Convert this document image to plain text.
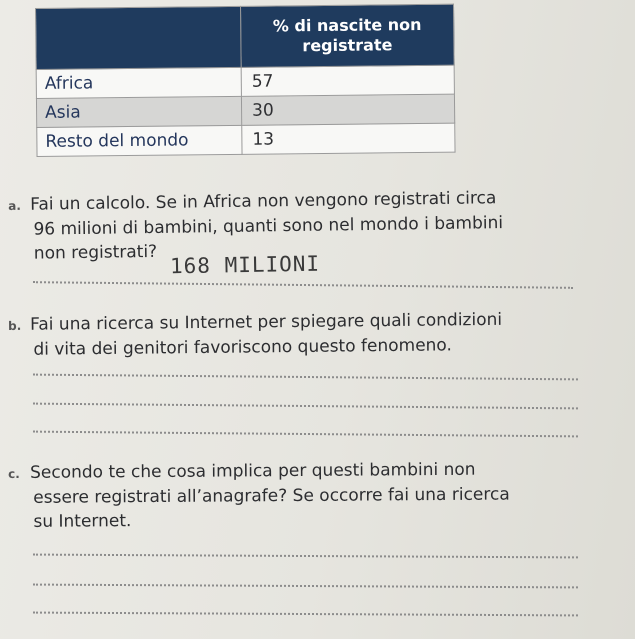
	% di nascite non registrate
Africa	57
Asia	30
Resto del mondo	13
a. Fai un calcolo. Se in Africa non vengono registrati circa
96 milioni di bambini, quanti sono nel mondo i bambini
non registrati? 168 MILIONI
b. Fai una ricerca su Internet per spiegare quali condizioni
di vita dei genitori favoriscono questo fenomeno.
c. Secondo te che cosa implica per questi bambini non
essere registrati all’anagrafe? Se occorre fai una ricerca
su Internet.
